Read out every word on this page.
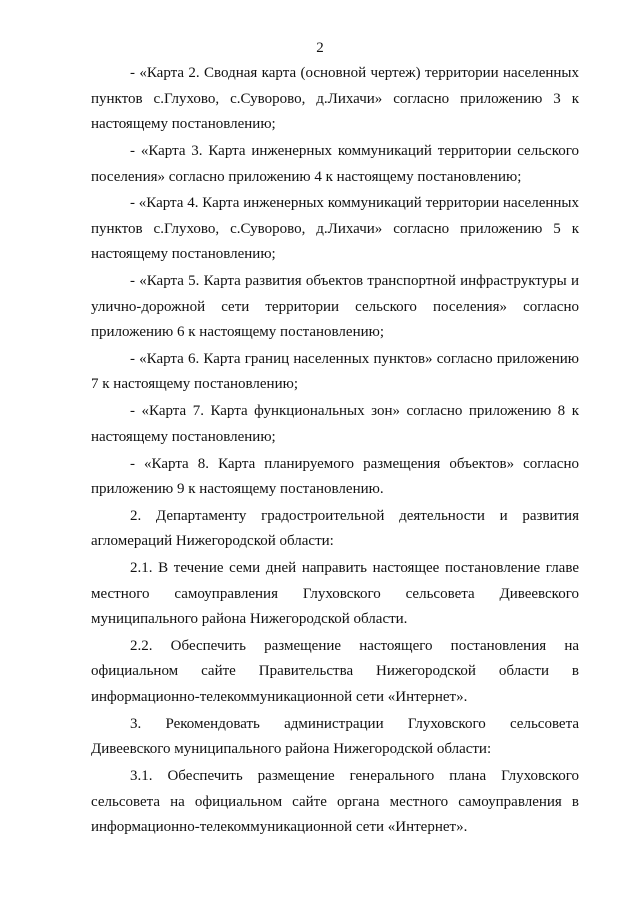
2

- «Карта 2. Сводная карта (основной чертеж) территории населенных пунктов с.Глухово, с.Суворово, д.Лихачи» согласно приложению 3 к настоящему постановлению;

- «Карта 3. Карта инженерных коммуникаций территории сельского поселения» согласно приложению 4 к настоящему постановлению;

- «Карта 4. Карта инженерных коммуникаций территории населенных пунктов с.Глухово, с.Суворово, д.Лихачи» согласно приложению 5 к настоящему постановлению;

- «Карта 5. Карта развития объектов транспортной инфраструктуры и улично-дорожной сети территории сельского поселения» согласно приложению 6 к настоящему постановлению;

- «Карта 6. Карта границ населенных пунктов» согласно приложению 7 к настоящему постановлению;

- «Карта 7. Карта функциональных зон» согласно приложению 8 к настоящему постановлению;

- «Карта 8. Карта планируемого размещения объектов» согласно приложению 9 к настоящему постановлению.

2. Департаменту градостроительной деятельности и развития агломераций Нижегородской области:

2.1. В течение семи дней направить настоящее постановление главе местного самоуправления Глуховского сельсовета Дивеевского муниципального района Нижегородской области.

2.2. Обеспечить размещение настоящего постановления на официальном сайте Правительства Нижегородской области в информационно-телекоммуникационной сети «Интернет».

3. Рекомендовать администрации Глуховского сельсовета Дивеевского муниципального района Нижегородской области:

3.1. Обеспечить размещение генерального плана Глуховского сельсовета на официальном сайте органа местного самоуправления в информационно-телекоммуникационной сети «Интернет».
